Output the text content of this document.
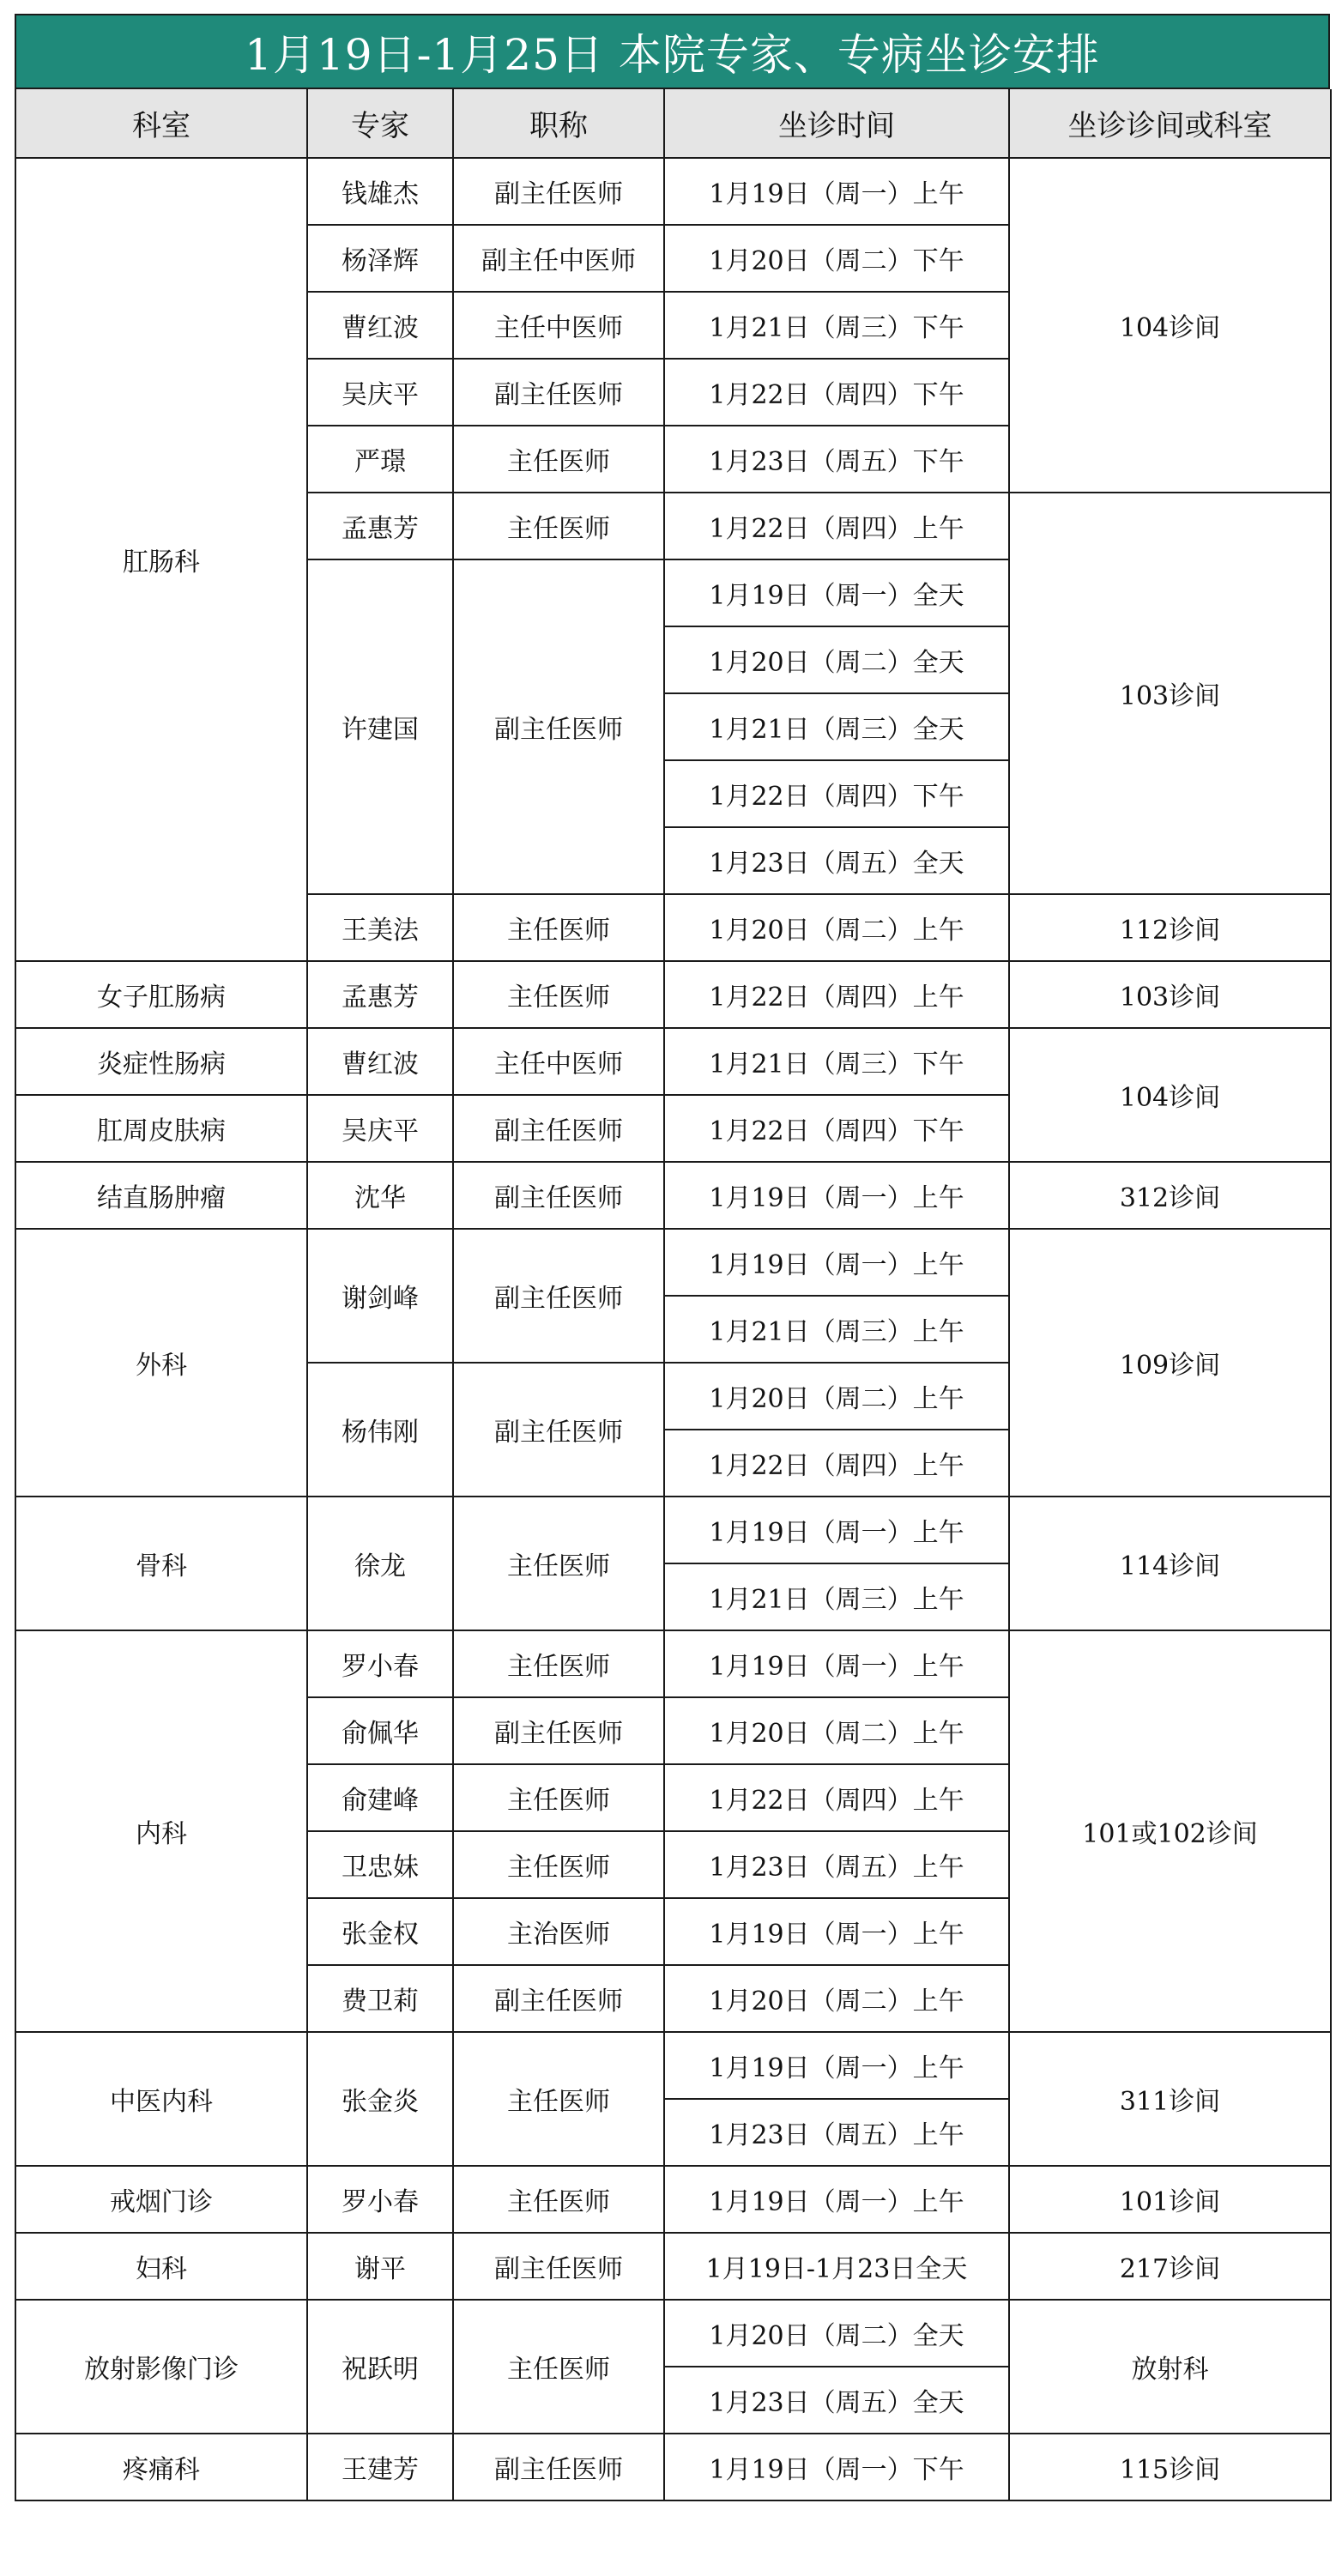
1月19日-1月25日 本院专家、专病坐诊安排
科室	专家	职称	坐诊时间	坐诊诊间或科室
肛肠科	钱雄杰	副主任医师	1月19日（周一）上午	104诊间
	杨泽辉	副主任中医师	1月20日（周二）下午	
	曹红波	主任中医师	1月21日（周三）下午	
	吴庆平	副主任医师	1月22日（周四）下午	
	严璟	主任医师	1月23日（周五）下午	
	孟惠芳	主任医师	1月22日（周四）上午	103诊间
	许建国	副主任医师	1月19日（周一）全天	
			1月20日（周二）全天	
			1月21日（周三）全天	
			1月22日（周四）下午	
			1月23日（周五）全天	
	王美法	主任医师	1月20日（周二）上午	112诊间
女子肛肠病	孟惠芳	主任医师	1月22日（周四）上午	103诊间
炎症性肠病	曹红波	主任中医师	1月21日（周三）下午	104诊间
肛周皮肤病	吴庆平	副主任医师	1月22日（周四）下午	
结直肠肿瘤	沈华	副主任医师	1月19日（周一）上午	312诊间
外科	谢剑峰	副主任医师	1月19日（周一）上午	109诊间
			1月21日（周三）上午	
	杨伟刚	副主任医师	1月20日（周二）上午	
			1月22日（周四）上午	
骨科	徐龙	主任医师	1月19日（周一）上午	114诊间
			1月21日（周三）上午	
内科	罗小春	主任医师	1月19日（周一）上午	101或102诊间
	俞佩华	副主任医师	1月20日（周二）上午	
	俞建峰	主任医师	1月22日（周四）上午	
	卫忠妹	主任医师	1月23日（周五）上午	
	张金权	主治医师	1月19日（周一）上午	
	费卫莉	副主任医师	1月20日（周二）上午	
中医内科	张金炎	主任医师	1月19日（周一）上午	311诊间
			1月23日（周五）上午	
戒烟门诊	罗小春	主任医师	1月19日（周一）上午	101诊间
妇科	谢平	副主任医师	1月19日-1月23日全天	217诊间
放射影像门诊	祝跃明	主任医师	1月20日（周二）全天	放射科
			1月23日（周五）全天	
疼痛科	王建芳	副主任医师	1月19日（周一）下午	115诊间
